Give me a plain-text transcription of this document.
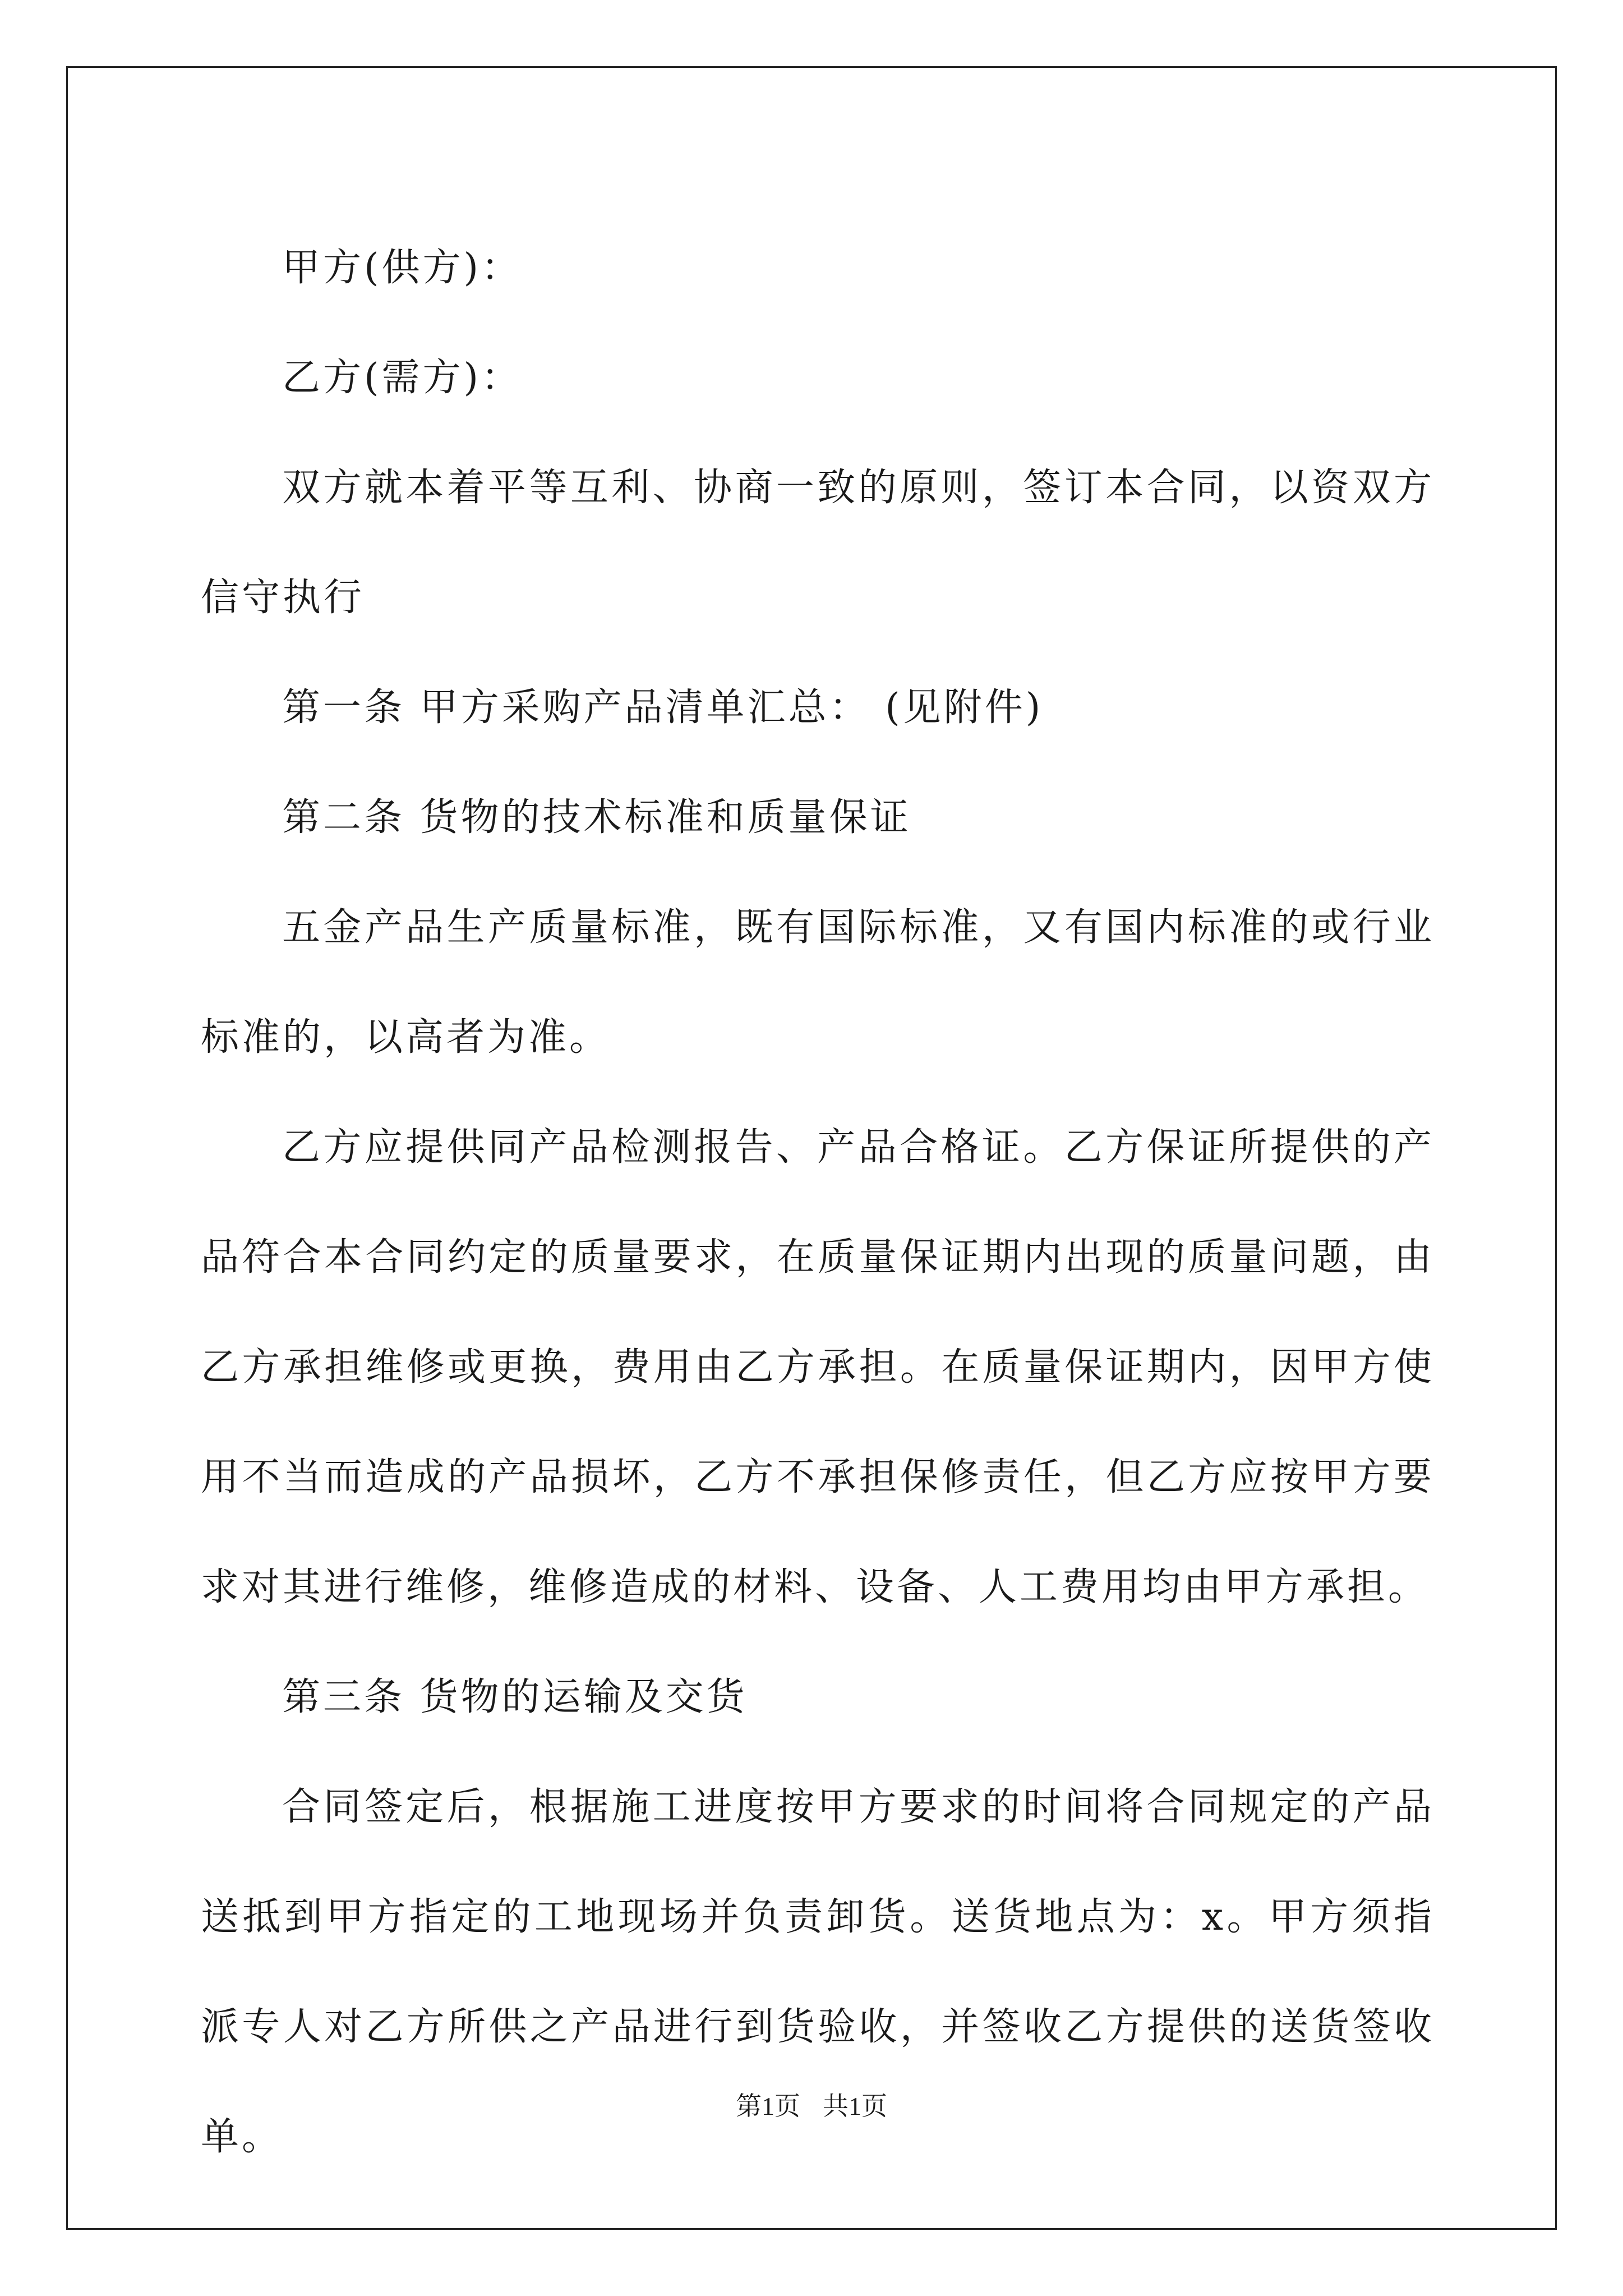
甲方(供方)：

乙方(需方)：

双方就本着平等互利、协商一致的原则，签订本合同，以资双方信守执行

第一条 甲方采购产品清单汇总： (见附件)

第二条 货物的技术标准和质量保证

五金产品生产质量标准，既有国际标准，又有国内标准的或行业标准的，以高者为准。

乙方应提供同产品检测报告、产品合格证。乙方保证所提供的产品符合本合同约定的质量要求，在质量保证期内出现的质量问题，由乙方承担维修或更换，费用由乙方承担。在质量保证期内，因甲方使用不当而造成的产品损坏，乙方不承担保修责任，但乙方应按甲方要求对其进行维修，维修造成的材料、设备、人工费用均由甲方承担。

第三条 货物的运输及交货

合同签定后，根据施工进度按甲方要求的时间将合同规定的产品送抵到甲方指定的工地现场并负责卸货。送货地点为：x。甲方须指派专人对乙方所供之产品进行到货验收，并签收乙方提供的送货签收单。

第1页 共1页
